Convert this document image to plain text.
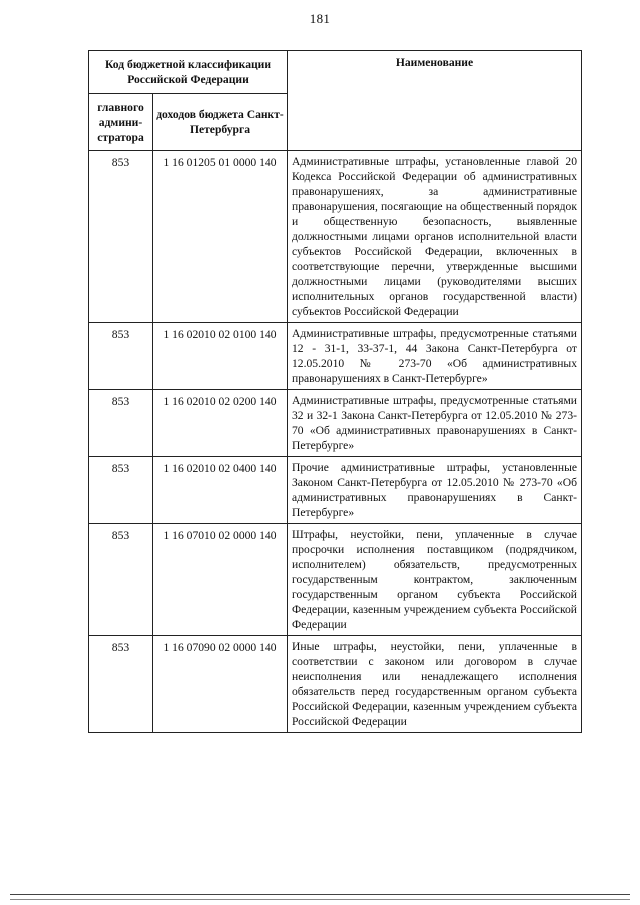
181
Код бюджетной классификации Российской Федерации		Наименование
главного админи-стратора	доходов бюджета Санкт-Петербурга	
853	1 16 01205 01 0000 140	Административные штрафы, установленные главой 20 Кодекса Российской Федерации об административных правонарушениях, за административные правонарушения, посягающие на общественный порядок и общественную безопасность, выявленные должностными лицами органов исполнительной власти субъектов Российской Федерации, включенных в соответствующие перечни, утвержденные высшими должностными лицами (руководителями высших исполнительных органов государственной власти) субъектов Российской Федерации
853	1 16 02010 02 0100 140	Административные штрафы, предусмотренные статьями 12 - 31-1, 33-37-1, 44 Закона Санкт-Петербурга от 12.05.2010 № 273-70 «Об административных правонарушениях в Санкт-Петербурге»
853	1 16 02010 02 0200 140	Административные штрафы, предусмотренные статьями 32 и 32-1 Закона Санкт-Петербурга от 12.05.2010 № 273-70 «Об административных правонарушениях в Санкт-Петербурге»
853	1 16 02010 02 0400 140	Прочие административные штрафы, установленные Законом Санкт-Петербурга от 12.05.2010 № 273-70 «Об административных правонарушениях в Санкт-Петербурге»
853	1 16 07010 02 0000 140	Штрафы, неустойки, пени, уплаченные в случае просрочки исполнения поставщиком (подрядчиком, исполнителем) обязательств, предусмотренных государственным контрактом, заключенным государственным органом субъекта Российской Федерации, казенным учреждением субъекта Российской Федерации
853	1 16 07090 02 0000 140	Иные штрафы, неустойки, пени, уплаченные в соответствии с законом или договором в случае неисполнения или ненадлежащего исполнения обязательств перед государственным органом субъекта Российской Федерации, казенным учреждением субъекта Российской Федерации
